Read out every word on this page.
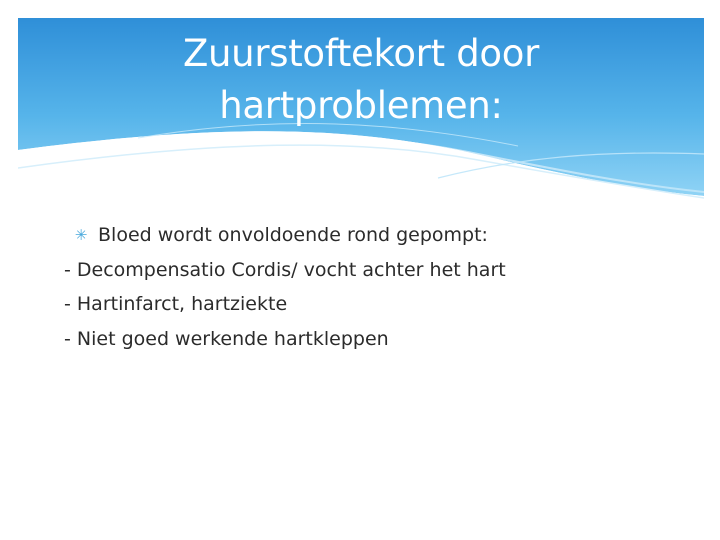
Zuurstoftekort door
hartproblemen:
✳ Bloed wordt onvoldoende rond gepompt:
- Decompensatio Cordis/ vocht achter het hart
- Hartinfarct, hartziekte
- Niet goed werkende hartkleppen
